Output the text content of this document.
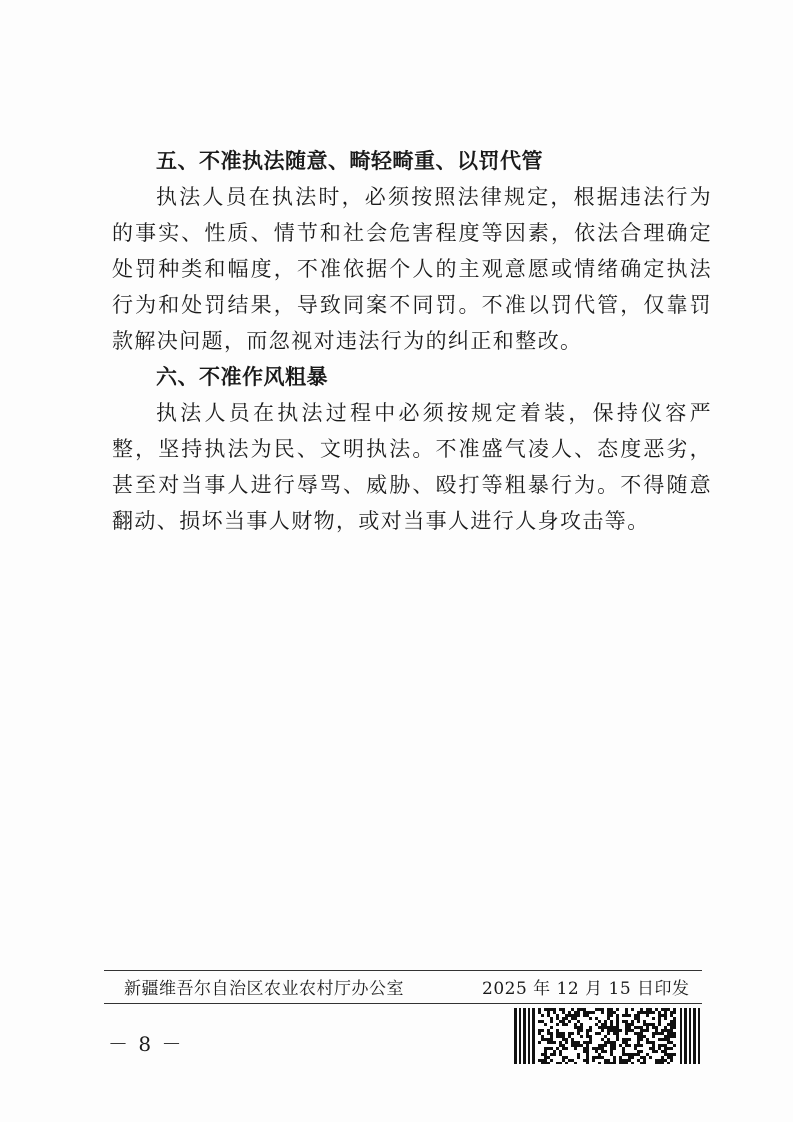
五、不准执法随意、畸轻畸重、以罚代管

执法人员在执法时，必须按照法律规定，根据违法行为的事实、性质、情节和社会危害程度等因素，依法合理确定处罚种类和幅度，不准依据个人的主观意愿或情绪确定执法行为和处罚结果，导致同案不同罚。不准以罚代管，仅靠罚款解决问题，而忽视对违法行为的纠正和整改。

六、不准作风粗暴

执法人员在执法过程中必须按规定着装，保持仪容严整，坚持执法为民、文明执法。不准盛气凌人、态度恶劣，甚至对当事人进行辱骂、威胁、殴打等粗暴行为。不得随意翻动、损坏当事人财物，或对当事人进行人身攻击等。

新疆维吾尔自治区农业农村厅办公室	2025 年 12 月 15 日印发
－ 8 －
